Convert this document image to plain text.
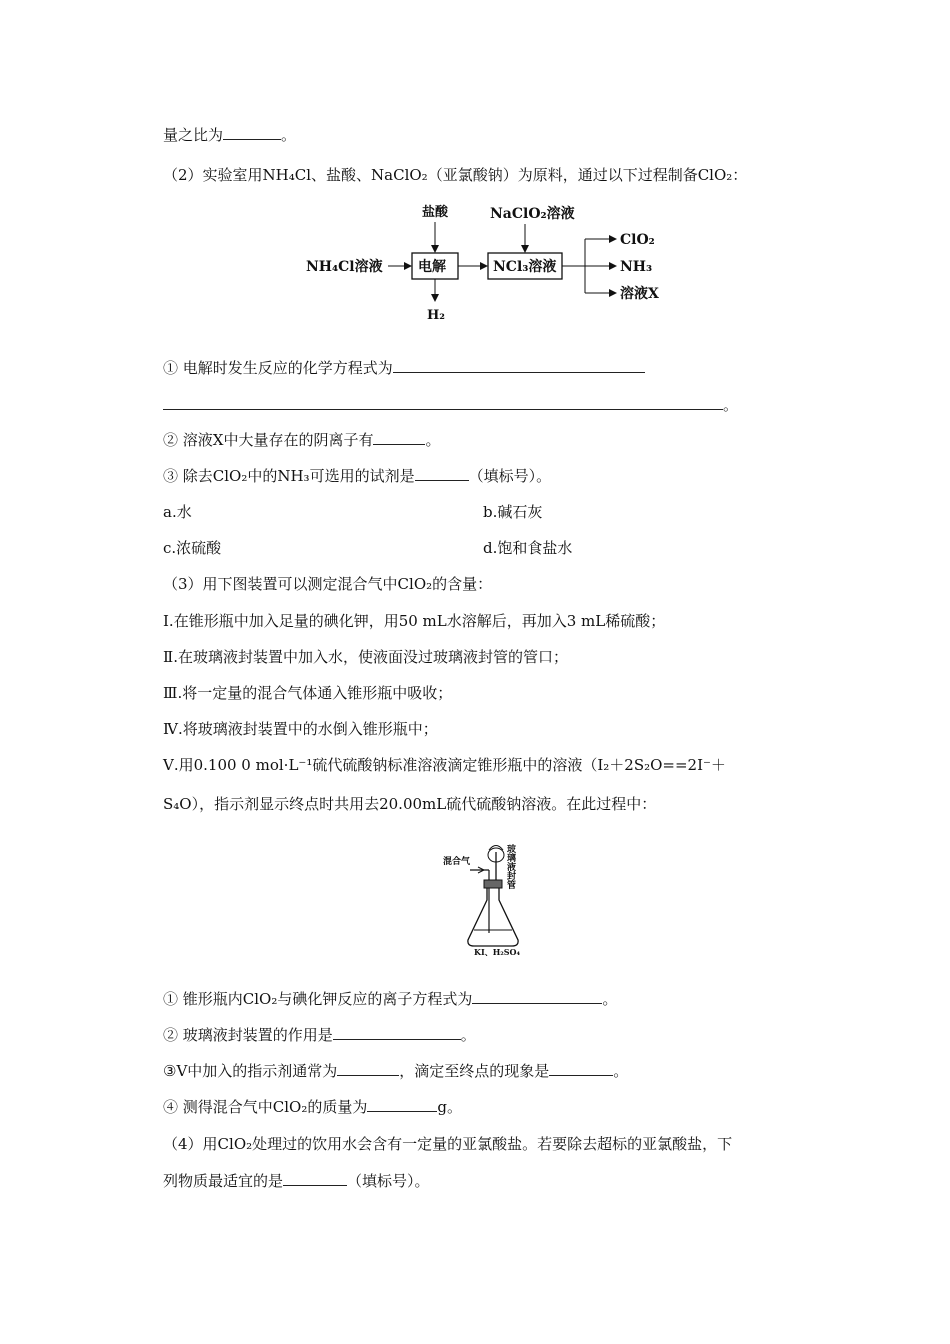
量之比为	。
（2）实验室用NH₄Cl、盐酸、NaClO₂（亚氯酸钠）为原料，通过以下过程制备ClO₂：
盐酸	NaClO₂溶液
NH₄Cl溶液	电解	NCl₃溶液
H₂
ClO₂
NH₃
溶液X
① 电解时发生反应的化学方程式为
。
② 溶液X中大量存在的阴离子有	。
③ 除去ClO₂中的NH₃可选用的试剂是	（填标号）。
a.水	b.碱石灰
c.浓硫酸	d.饱和食盐水
（3）用下图装置可以测定混合气中ClO₂的含量：
Ⅰ.在锥形瓶中加入足量的碘化钾，用50 mL水溶解后，再加入3 mL稀硫酸；
Ⅱ.在玻璃液封装置中加入水，使液面没过玻璃液封管的管口；
Ⅲ.将一定量的混合气体通入锥形瓶中吸收；
Ⅳ.将玻璃液封装置中的水倒入锥形瓶中；
Ⅴ.用0.100 0 mol·L⁻¹硫代硫酸钠标准溶液滴定锥形瓶中的溶液（I₂＋2S₂O==2I⁻＋
S₄O），指示剂显示终点时共用去20.00mL硫代硫酸钠溶液。在此过程中：
混合气	玻璃液封管
KI、H₂SO₄
① 锥形瓶内ClO₂与碘化钾反应的离子方程式为	。
② 玻璃液封装置的作用是	。
③Ⅴ中加入的指示剂通常为	，滴定至终点的现象是	。
④ 测得混合气中ClO₂的质量为	g。
（4）用ClO₂处理过的饮用水会含有一定量的亚氯酸盐。若要除去超标的亚氯酸盐，下
列物质最适宜的是	（填标号）。
